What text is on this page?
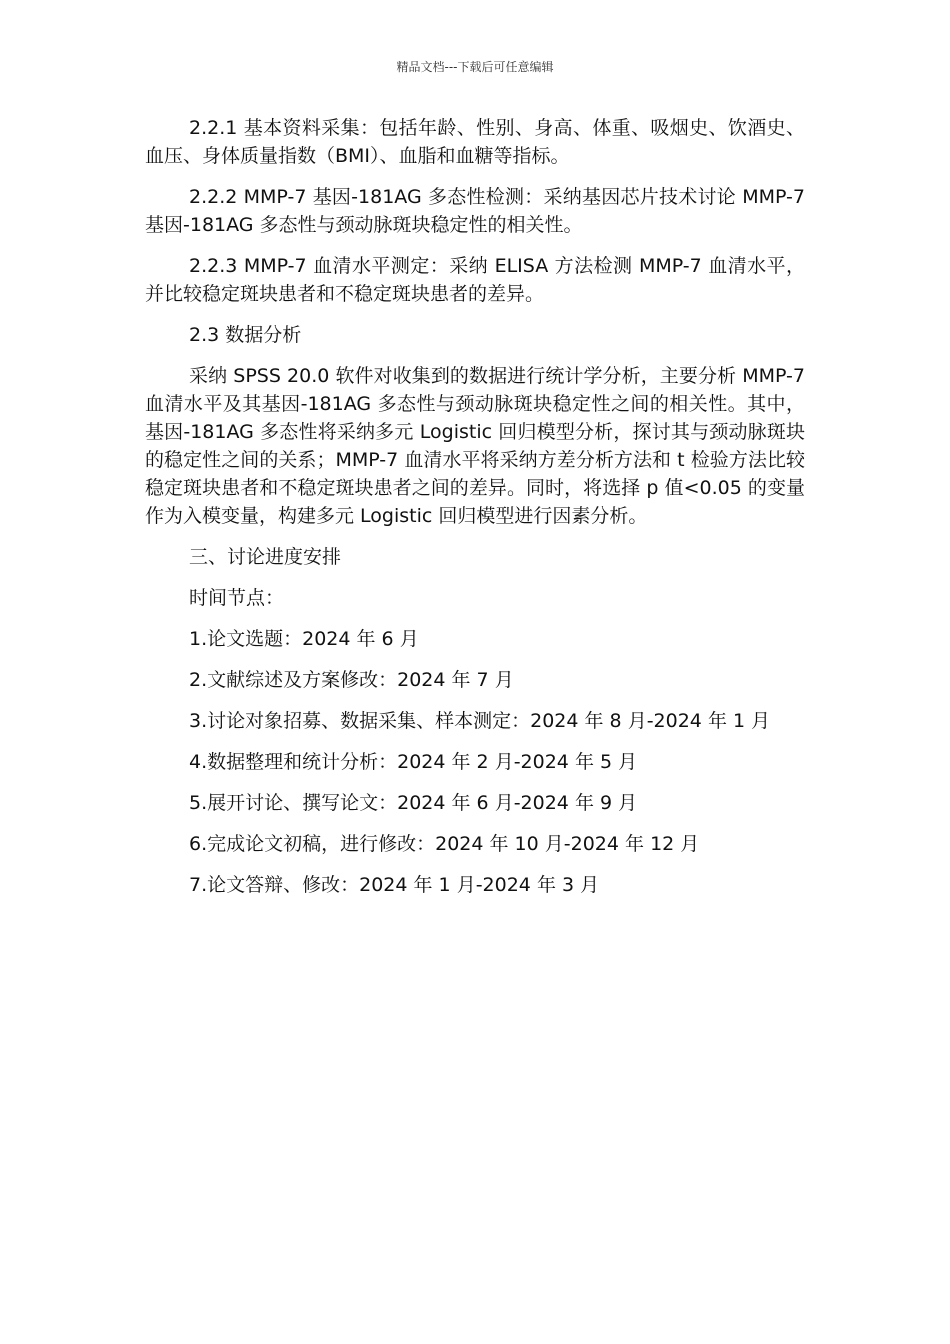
精品文档---下载后可任意编辑

2.2.1 基本资料采集：包括年龄、性别、身高、体重、吸烟史、饮酒史、血压、身体质量指数（BMI）、血脂和血糖等指标。

2.2.2 MMP-7 基因-181AG 多态性检测：采纳基因芯片技术讨论 MMP-7 基因-181AG 多态性与颈动脉斑块稳定性的相关性。

2.2.3 MMP-7 血清水平测定：采纳 ELISA 方法检测 MMP-7 血清水平，并比较稳定斑块患者和不稳定斑块患者的差异。

2.3 数据分析

采纳 SPSS 20.0 软件对收集到的数据进行统计学分析，主要分析 MMP-7 血清水平及其基因-181AG 多态性与颈动脉斑块稳定性之间的相关性。其中，基因-181AG 多态性将采纳多元 Logistic 回归模型分析，探讨其与颈动脉斑块的稳定性之间的关系；MMP-7 血清水平将采纳方差分析方法和 t 检验方法比较稳定斑块患者和不稳定斑块患者之间的差异。同时，将选择 p 值<0.05 的变量作为入模变量，构建多元 Logistic 回归模型进行因素分析。

三、讨论进度安排

时间节点：

1.论文选题：2024 年 6 月

2.文献综述及方案修改：2024 年 7 月

3.讨论对象招募、数据采集、样本测定：2024 年 8 月-2024 年 1 月

4.数据整理和统计分析：2024 年 2 月-2024 年 5 月

5.展开讨论、撰写论文：2024 年 6 月-2024 年 9 月

6.完成论文初稿，进行修改：2024 年 10 月-2024 年 12 月

7.论文答辩、修改：2024 年 1 月-2024 年 3 月
